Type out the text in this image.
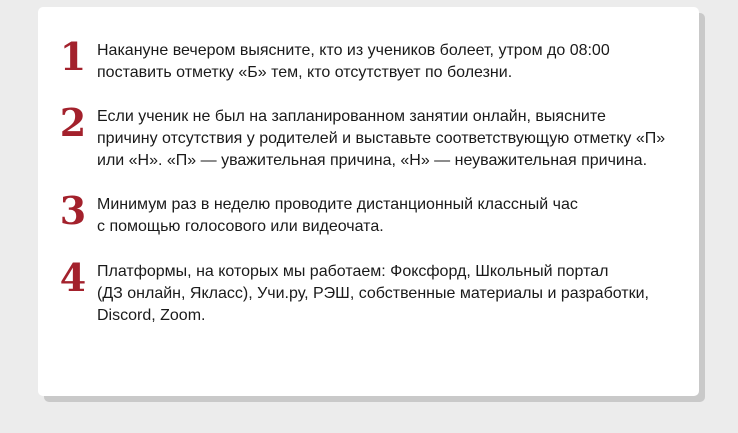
1 Накануне вечером выясните, кто из учеников болеет, утром до 08:00
поставить отметку «Б» тем, кто отсутствует по болезни.
2 Если ученик не был на запланированном занятии онлайн, выясните
причину отсутствия у родителей и выставьте соответствующую отметку «П»
или «Н». «П» — уважительная причина, «Н» — неуважительная причина.
3 Минимум раз в неделю проводите дистанционный классный час
с помощью голосового или видеочата.
4 Платформы, на которых мы работаем: Фоксфорд, Школьный портал
(ДЗ онлайн, Якласс), Учи.ру, РЭШ, собственные материалы и разработки,
Discord, Zoom.
